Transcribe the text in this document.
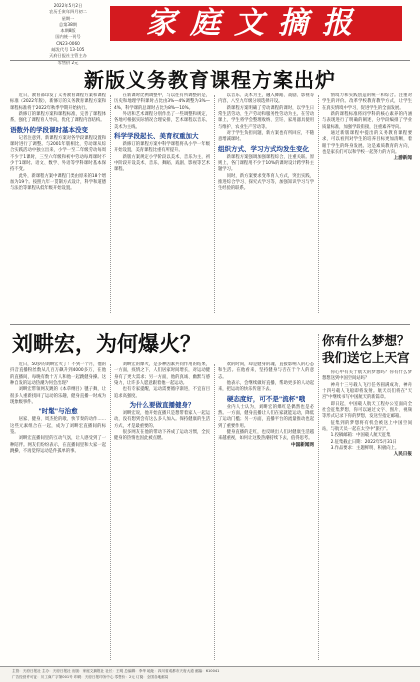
2022年5月2日
农历壬寅年四月初二
星期一
总第38期
本期8版
国内统一刊号
CN23-0060
邮发代号 13-105
天府日报社主管主办
零售价 2元
家庭文摘报
新版义务教育课程方案出炉

近日，教育部印发了义务教育课程方案和课程标准（2022年版），新修订的义务教育课程方案和课程标准将于2022年秋季学期开始执行。

新修订的课程方案和课程标准，完善了课程体系，强化了课程育人导向，优化了课程内容结构。

语数外的学段课时基本没变

记者注意到，新课程方案对各学段课程设置和课时进行了调整。与2001年版相比，劳动课从综合实践活动中独立出来，小学一至二年级劳动每周不少于1课时，三至六年级和初中劳动每周课时不少于1课时。语文、数学、外语等学科课时基本保持不变。

此外，新课程方案中课程门类由原来的18个增加为19个。按照九年一贯制方式设计，科学和道德与法治等课程从低年级开始设置。

在新课时比例调整中，与以往有所调整的是，历史和地理学科课时占比由3%—4%调整为3%—4%，科学课的总课时占比为8%—10%。

外语和艺术课程分别作出了一些调整和规定，各地可根据实际情况合理安排，艺术课程以音乐、美术为主线。

科学学段起长、美育权重加大

新修订的课程方案中科学课程将从小学一年级开始设置，美育课程比重有所提升。

新版方案规定小学阶段以美术、音乐为主，初中阶段开设美术、音乐、舞蹈、戏剧、影视等艺术课程。

以音乐、美术为主，融入舞蹈、戏剧、影视等内容，八至九年级分项选择开设。

新课程方案明确了劳动课程的课时，以学生日常生活劳动、生产劳动和服务性劳动为主。在劳动课上，学生将学会整理收纳、烹饪、家用器具使用与维护、农业生产劳动等。

对于学生负担问题，新方案也有所回应，不随意增减课时。

组织方式、学习方式均发生变化

新课程方案强调加强课程综合，注重关联。原则上，各门课程用不少于10%的课时设计跨学科主题学习。

同时，新方案要求变革育人方式，突出实践，推进综合学习、探究式学习等，加强知识学习与学生经验的联系。

情境力和实践创造的统一和综合。注重对学生的评价。改革学校教育教学方式，让学生在真实情境中学习，促进学生的全面发展。

新的课程标准将同学科的核心素养的内涵与表现进行了明确的阐述，分学段编排了学业质量标准，加强学段衔接，注重素养导向。

通过新版课程中提出的义务教育课程要求，可以看到对学生的培养目标更加清晰，着眼于学生的终身发展。这是素质教育的方向，也是家长们可以和学校一起努力的方向。

上游新闻
刘畊宏，为何爆火？

近日，50岁的刘畊宏火了！不到一个月，他的抖音直播粉丝数从几百万飙升到4000多万，在他的直播间，每晚有数十万人和他一起跳健身操。这种自发的运动热潮为何会出现？

刘畊宏带领网友跳的《本草纲目》毽子舞，让很多人重新找回了运动的乐趣，健身直播一时成为现象级事件。

"时髦"与治愈

居家、健身、周杰伦的歌、快节奏的动作……这些元素组合在一起，成为了刘畊宏直播间的标签。

刘畊宏直播间里的互动气氛，让人感受到了一种陪伴。网友们纷纷表示，在直播间里和大家一起跳操，不再觉得运动是件孤单的事。

刘畊宏的爆火，是多种因素共同作用的结果，一方面，疫情之下，人们居家时间增长，对运动健身有了更大需求；另一方面，他的真诚、幽默与感染力，让许多人愿意跟着他一起运动。

也有专家提醒，运动需要循序渐进，不宜盲目追求高强度。

为什么要做直播健身？

刘畊宏说，他开始直播只是想带着家人一起运动，没有想到会有这么多人加入。保持健康的生活方式，才是最重要的。

很多网友在他的带动下养成了运动习惯，全民健身的热情也因此被点燃。

欢的时尚，却是健身的魂，直接影响人的心态和生活。在他看来，坚持健身与否在于个人的意志。

他表示，会继续做好直播，帮助更多的人动起来，把运动的快乐传递下去。

硬态度好，可不是"流杯"哦

业内人士认为，刘畊宏的爆红是偶然也是必然。一方面，健身直播让人们在家就能运动，降低了运动门槛；另一方面，直播平台的流量推动也起到了重要作用。

健身直播的走红，也反映出人们对健康生活越来越重视，如何让这股热潮持续下去，值得思考。

中国新闻网
你有什么梦想？我们送它上天宫

你心中有关于航天的梦想吗？你有什么梦想想送到中国空间站吗？

神舟十三号载人飞行任务圆满成功，神舟十四号载人飞船即将发射。航天员们将在"天宫"中继续书写中国航天的新篇章。

即日起，中国载人航天工程办公室面向全社会征集梦想，你可以通过文字、图片、视频等形式记录下你的梦想，发送至指定邮箱。

征集到的梦想将有机会被送上中国空间站，与航天员一起在太空中"旅行"。

1.投稿邮箱：中国载人航天征集

2.征集截止日期：2022年5月31日

3.作品要求：主题鲜明、积极向上。

人民日报
主管：天府日报社 主办：天府日报社 出版：家庭文摘报社 社长：王明 总编辑：李华 地址：四川省成都市天府大道 邮编：610041
广告经营许可证：川工商广字第001号 印刷：天府日报印务中心 零售价：2元 订阅：全国各地邮局
